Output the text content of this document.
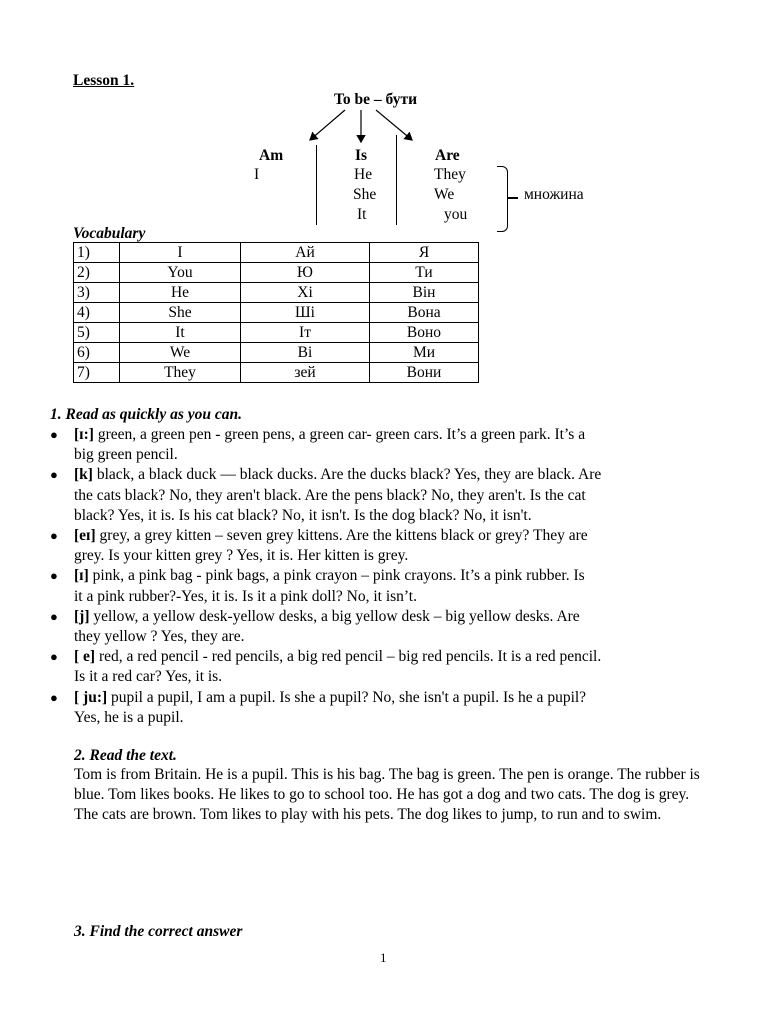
Lesson 1.
To be – бути
Am
I
Is
He
She
It
Are
They
We
you
множина
Vocabulary
1)	I	Ай	Я
2)	You	Ю	Ти
3)	He	Хі	Він
4)	She	Ші	Вона
5)	It	Іт	Воно
6)	We	Ві	Ми
7)	They	зей	Вони
1. Read as quickly as you can.
● [ɪ:] green, a green pen - green pens, a green car- green cars. It’s a green park. It’s a
big green pencil.
● [k] black, a black duck — black ducks. Are the ducks black? Yes, they are black. Are
the cats black? No, they aren't black. Are the pens black? No, they aren't. Is the cat
black? Yes, it is. Is his cat black? No, it isn't. Is the dog black? No, it isn't.
● [eɪ] grey, a grey kitten – seven grey kittens. Are the kittens black or grey? They are
grey. Is your kitten grey ? Yes, it is. Her kitten is grey.
● [ɪ] pink, a pink bag - pink bags, a pink crayon – pink crayons. It’s a pink rubber. Is
it a pink rubber?-Yes, it is. Is it a pink doll? No, it isn’t.
● [j] yellow, a yellow desk-yellow desks, a big yellow desk – big yellow desks. Are
they yellow ? Yes, they are.
● [ e] red, a red pencil - red pencils, a big red pencil – big red pencils. It is a red pencil.
Is it a red car? Yes, it is.
● [ ju:] pupil a pupil, I am a pupil. Is she a pupil? No, she isn't a pupil. Is he a pupil?
Yes, he is a pupil.
2. Read the text.
Tom is from Britain. He is a pupil. This is his bag. The bag is green. The pen is orange. The rubber is blue. Tom likes books. He likes to go to school too. He has got a dog and two cats. The dog is grey. The cats are brown. Tom likes to play with his pets. The dog likes to jump, to run and to swim.
3. Find the correct answer
1
